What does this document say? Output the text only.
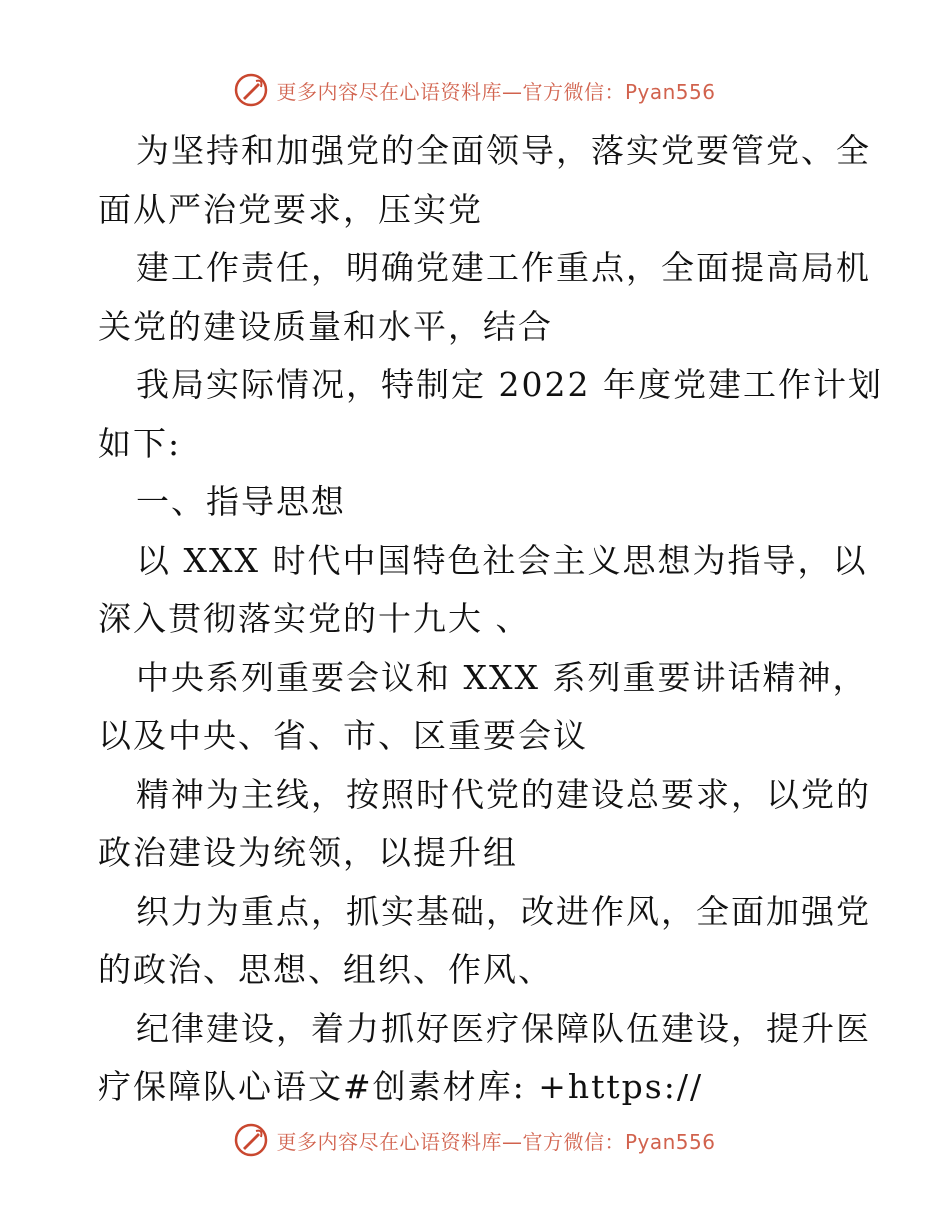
更多内容尽在心语资料库—官方微信：Pyan556
为坚持和加强党的全面领导，落实党要管党、全
面从严治党要求，压实党
建工作责任，明确党建工作重点，全面提高局机
关党的建设质量和水平，结合
我局实际情况，特制定 2022 年度党建工作计划
如下:
一、指导思想
以 XXX 时代中国特色社会主义思想为指导，以
深入贯彻落实党的十九大 、
中央系列重要会议和 XXX 系列重要讲话精神，
以及中央、省、市、区重要会议
精神为主线，按照时代党的建设总要求，以党的
政治建设为统领，以提升组
织力为重点，抓实基础，改进作风，全面加强党
的政治、思想、组织、作风、
纪律建设，着力抓好医疗保障队伍建设，提升医
疗保障队心语文#创素材库: +https://
更多内容尽在心语资料库—官方微信：Pyan556
